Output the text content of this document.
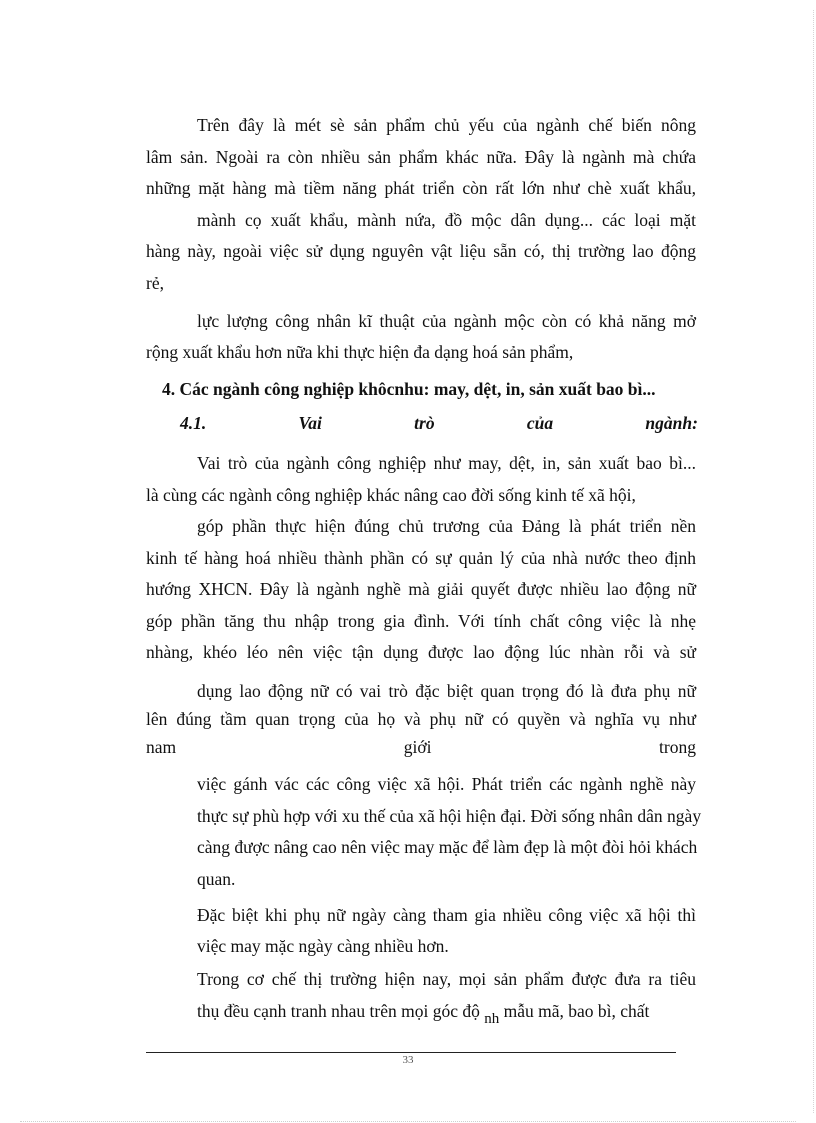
Trên đây là mét sè sản phẩm chủ yếu của ngành chế biến nông
lâm sản. Ngoài ra còn nhiều sản phẩm khác nữa. Đây là ngành mà chứa
những mặt hàng mà tiềm năng phát triển còn rất lớn như chè xuất khẩu,
mành cọ xuất khẩu, mành nứa, đồ mộc dân dụng... các loại mặt
hàng này, ngoài việc sử dụng nguyên vật liệu sẵn có, thị trường lao động
rẻ,
lực lượng công nhân kĩ thuật của ngành mộc còn có khả năng mở
rộng xuất khẩu hơn nữa khi thực hiện đa dạng hoá sản phẩm,
4. Các ngành công nghiệp khôcnhu: may, dệt, in, sản xuất bao bì...
4.1.	Vai	trò	của	ngành:
Vai trò của ngành công nghiệp như may, dệt, in, sản xuất bao bì...
là cùng các ngành công nghiệp khác nâng cao đời sống kinh tế xã hội,
góp phần thực hiện đúng chủ trương của Đảng là phát triển nền
kinh tế hàng hoá nhiều thành phần có sự quản lý của nhà nước theo định
hướng XHCN. Đây là ngành nghề mà giải quyết được nhiều lao động nữ
góp phần tăng thu nhập trong gia đình. Với tính chất công việc là nhẹ
nhàng, khéo léo nên việc tận dụng được lao động lúc nhàn rỗi và sử
dụng lao động nữ có vai trò đặc biệt quan trọng đó là đưa phụ nữ
lên đúng tầm quan trọng của họ và phụ nữ có quyền và nghĩa vụ như
nam	giới	trong
việc gánh vác các công việc xã hội. Phát triển các ngành nghề này
thực sự phù hợp với xu thế của xã hội hiện đại. Đời sống nhân dân ngày
càng được nâng cao nên việc may mặc để làm đẹp là một đòi hỏi khách
quan.
Đặc biệt khi phụ nữ ngày càng tham gia nhiều công việc xã hội thì
việc may mặc ngày càng nhiều hơn.
Trong cơ chế thị trường hiện nay, mọi sản phẩm được đưa ra tiêu
thụ đều cạnh tranh nhau trên mọi góc độ nh mẫu mã, bao bì, chất
33
